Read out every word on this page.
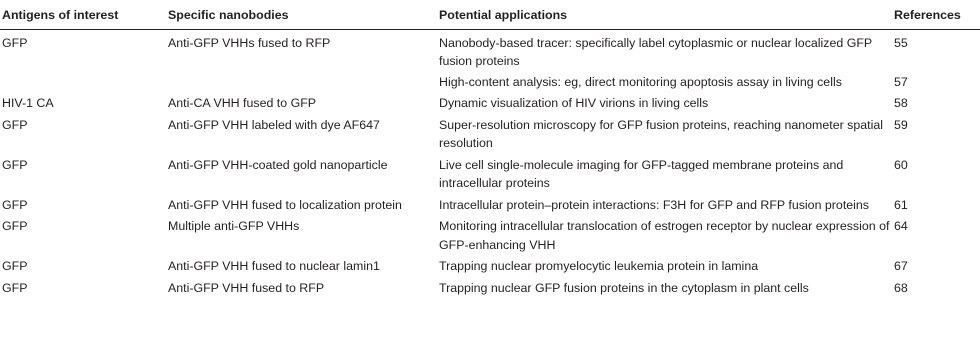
Antigens of interest	Specific nanobodies	Potential applications	References
GFP	Anti-GFP VHHs fused to RFP	Nanobody-based tracer: specifically label cytoplasmic or nuclear localized GFP fusion proteins	55
		High-content analysis: eg, direct monitoring apoptosis assay in living cells	57
HIV-1 CA	Anti-CA VHH fused to GFP	Dynamic visualization of HIV virions in living cells	58
GFP	Anti-GFP VHH labeled with dye AF647	Super-resolution microscopy for GFP fusion proteins, reaching nanometer spatial resolution	59
GFP	Anti-GFP VHH-coated gold nanoparticle	Live cell single-molecule imaging for GFP-tagged membrane proteins and intracellular proteins	60
GFP	Anti-GFP VHH fused to localization protein	Intracellular protein–protein interactions: F3H for GFP and RFP fusion proteins	61
GFP	Multiple anti-GFP VHHs	Monitoring intracellular translocation of estrogen receptor by nuclear expression of GFP-enhancing VHH	64
GFP	Anti-GFP VHH fused to nuclear lamin1	Trapping nuclear promyelocytic leukemia protein in lamina	67
GFP	Anti-GFP VHH fused to RFP	Trapping nuclear GFP fusion proteins in the cytoplasm in plant cells	68
